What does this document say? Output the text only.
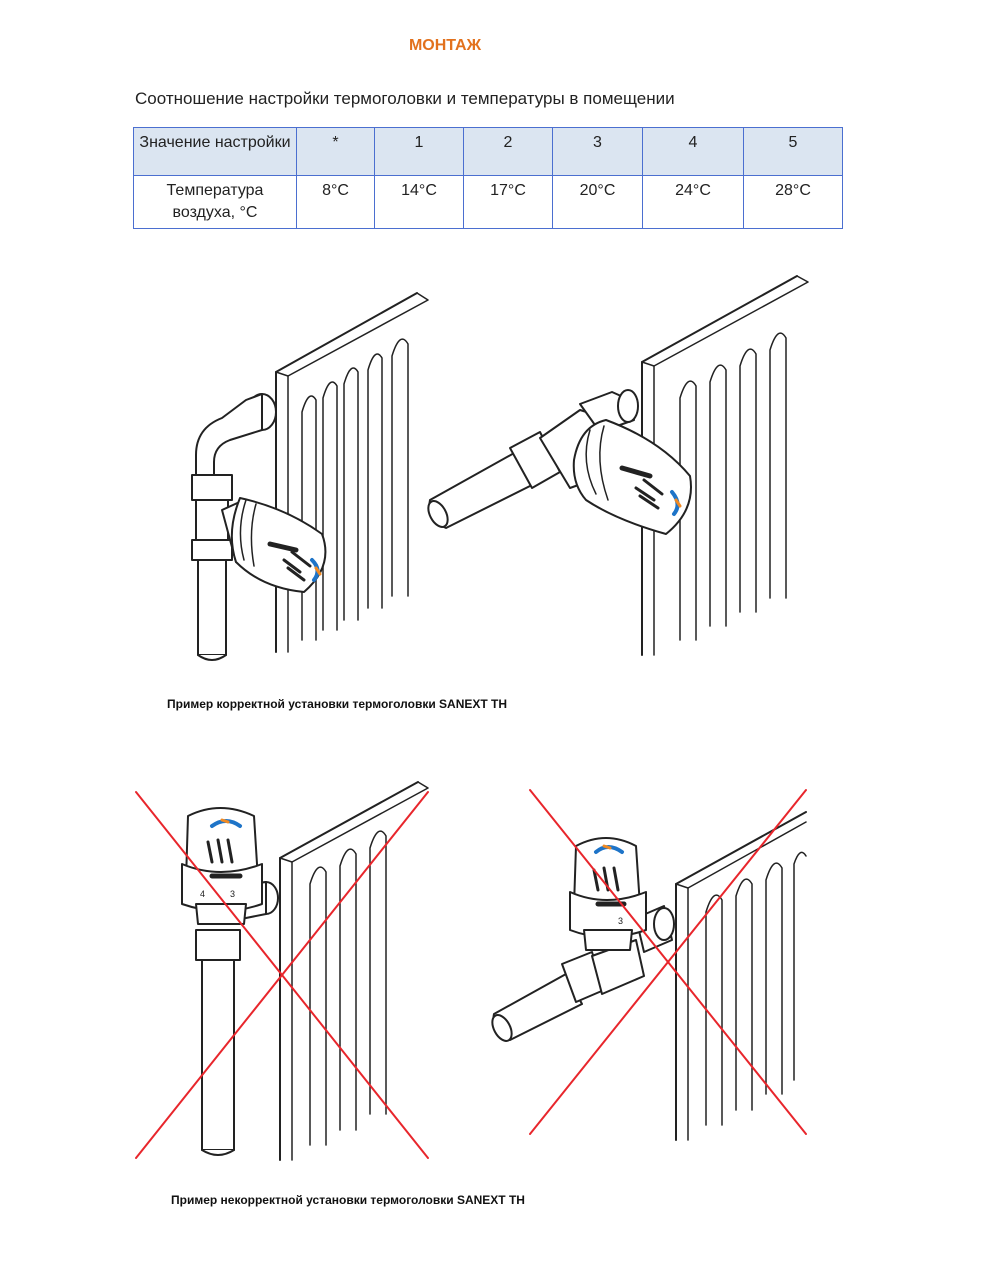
МОНТАЖ
Соотношение настройки термоголовки и температуры в помещении
Значение настройки	*	1	2	3	4	5
Температура воздуха, °C	8°C	14°C	17°C	20°C	24°C	28°C
4	3
3
Пример корректной установки термоголовки SANEXT TH
Пример некорректной установки термоголовки SANEXT TH
